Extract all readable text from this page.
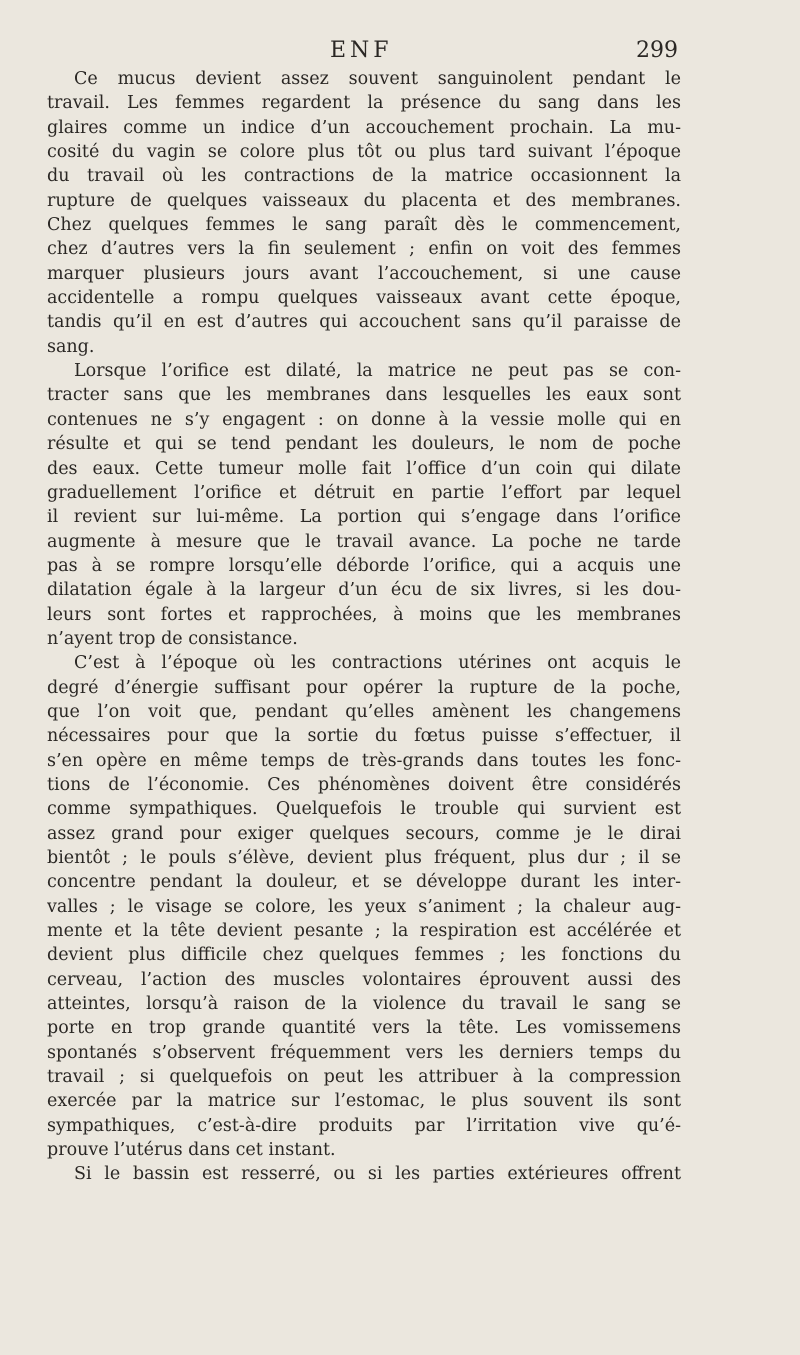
ENF	299
Ce mucus devient assez souvent sanguinolent pendant le
travail. Les femmes regardent la présence du sang dans les
glaires comme un indice d’un accouchement prochain. La mu-
cosité du vagin se colore plus tôt ou plus tard suivant l’époque
du travail où les contractions de la matrice occasionnent la
rupture de quelques vaisseaux du placenta et des membranes.
Chez quelques femmes le sang paraît dès le commencement,
chez d’autres vers la fin seulement ; enfin on voit des femmes
marquer plusieurs jours avant l’accouchement, si une cause
accidentelle a rompu quelques vaisseaux avant cette époque,
tandis qu’il en est d’autres qui accouchent sans qu’il paraisse de
sang.
Lorsque l’orifice est dilaté, la matrice ne peut pas se con-
tracter sans que les membranes dans lesquelles les eaux sont
contenues ne s’y engagent : on donne à la vessie molle qui en
résulte et qui se tend pendant les douleurs, le nom de poche
des eaux. Cette tumeur molle fait l’office d’un coin qui dilate
graduellement l’orifice et détruit en partie l’effort par lequel
il revient sur lui-même. La portion qui s’engage dans l’orifice
augmente à mesure que le travail avance. La poche ne tarde
pas à se rompre lorsqu’elle déborde l’orifice, qui a acquis une
dilatation égale à la largeur d’un écu de six livres, si les dou-
leurs sont fortes et rapprochées, à moins que les membranes
n’ayent trop de consistance.
C’est à l’époque où les contractions utérines ont acquis le
degré d’énergie suffisant pour opérer la rupture de la poche,
que l’on voit que, pendant qu’elles amènent les changemens
nécessaires pour que la sortie du fœtus puisse s’effectuer, il
s’en opère en même temps de très-grands dans toutes les fonc-
tions de l’économie. Ces phénomènes doivent être considérés
comme sympathiques. Quelquefois le trouble qui survient est
assez grand pour exiger quelques secours, comme je le dirai
bientôt ; le pouls s’élève, devient plus fréquent, plus dur ; il se
concentre pendant la douleur, et se développe durant les inter-
valles ; le visage se colore, les yeux s’animent ; la chaleur aug-
mente et la tête devient pesante ; la respiration est accélérée et
devient plus difficile chez quelques femmes ; les fonctions du
cerveau, l’action des muscles volontaires éprouvent aussi des
atteintes, lorsqu’à raison de la violence du travail le sang se
porte en trop grande quantité vers la tête. Les vomissemens
spontanés s’observent fréquemment vers les derniers temps du
travail ; si quelquefois on peut les attribuer à la compression
exercée par la matrice sur l’estomac, le plus souvent ils sont
sympathiques, c’est-à-dire produits par l’irritation vive qu’é-
prouve l’utérus dans cet instant.
Si le bassin est resserré, ou si les parties extérieures offrent
